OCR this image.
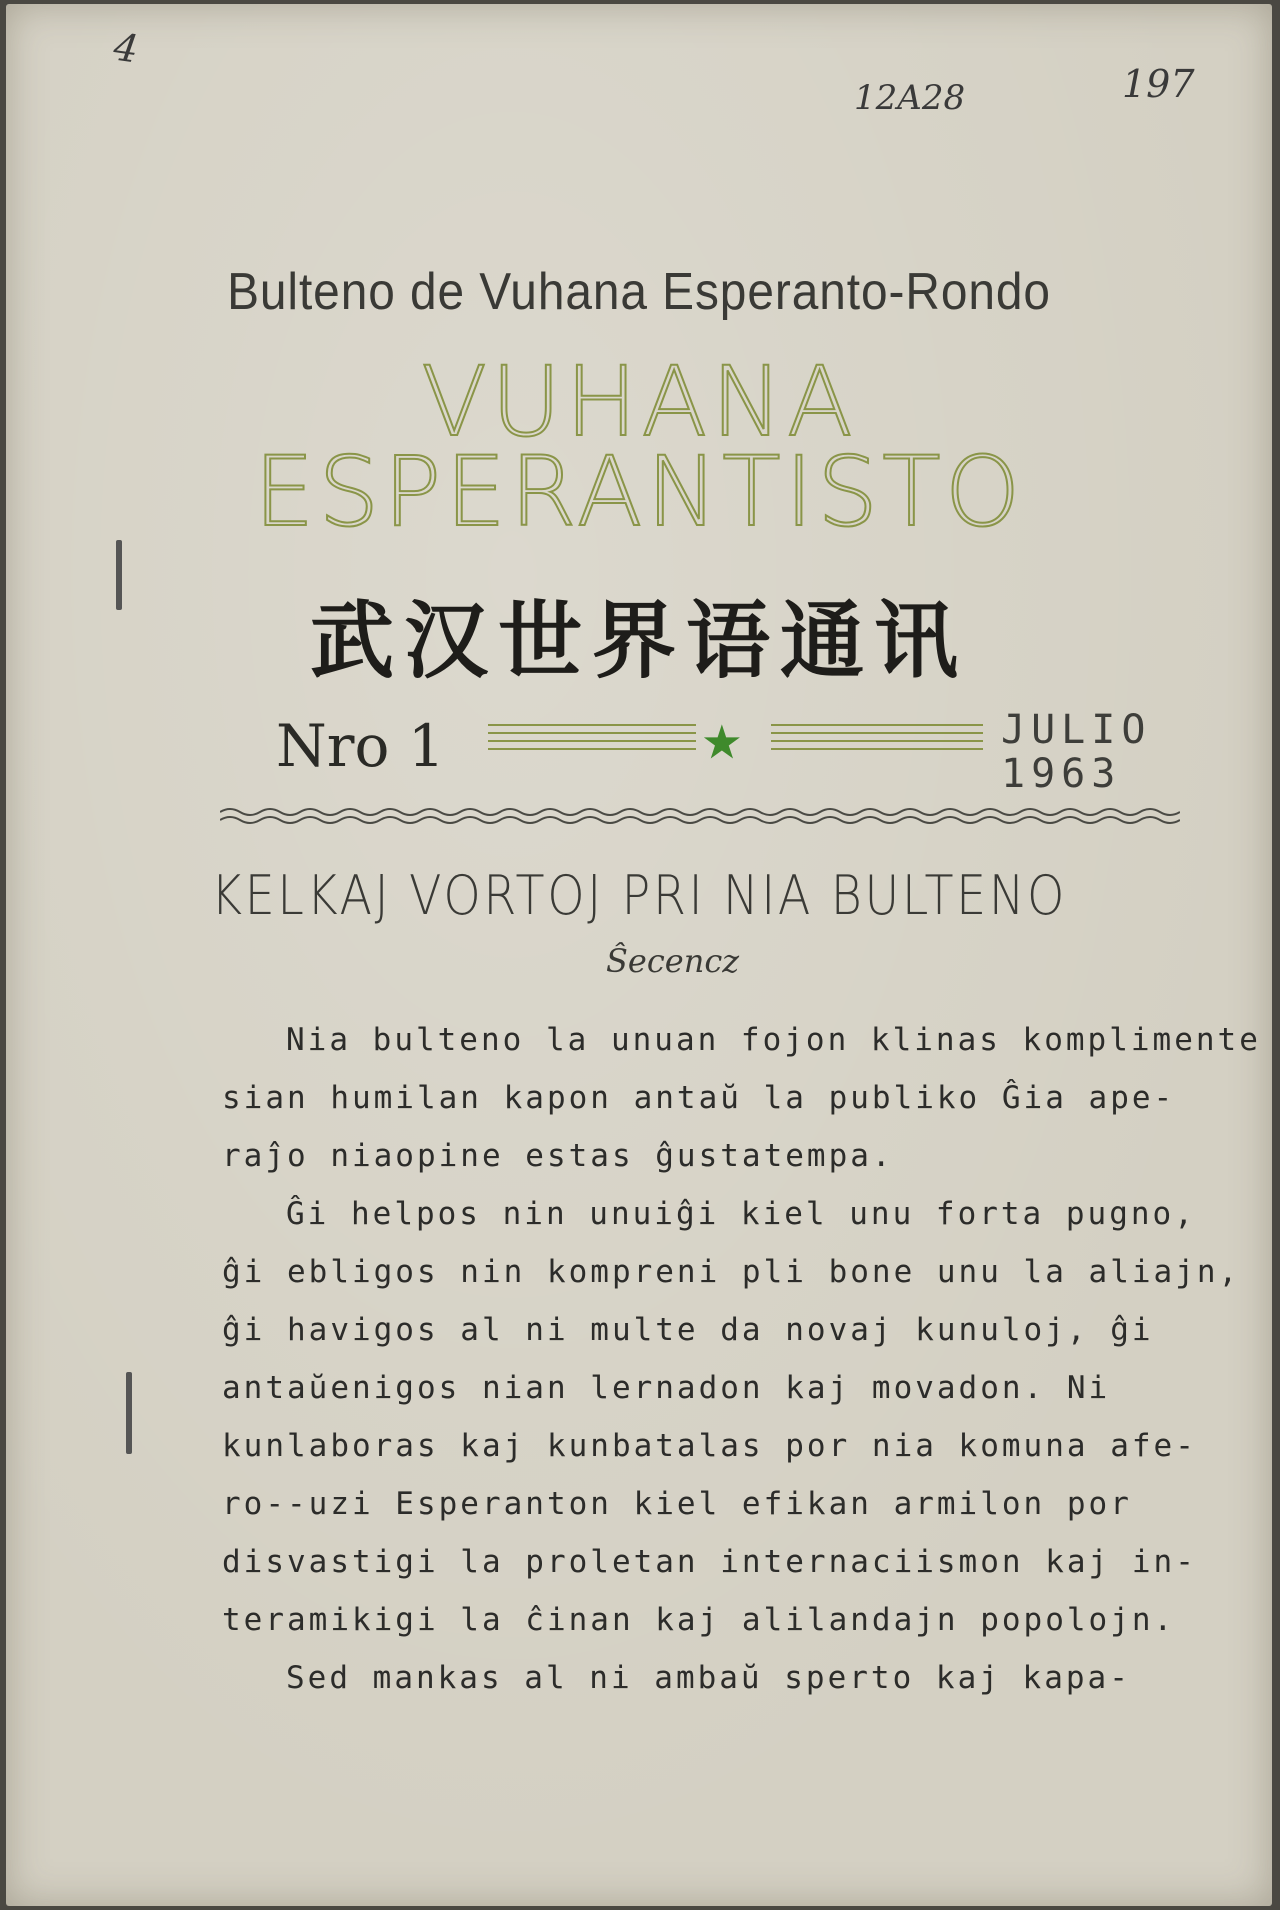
4
12A28	197
Bulteno de Vuhana Esperanto-Rondo
VUHANA
ESPERANTISTO
武汉世界语通讯
Nro 1	★	JULIO
1963
KELKAJ VORTOJ PRI NIA BULTENO
Ŝecencz

Nia bulteno la unuan fojon klinas komplimente

sian humilan kapon antaŭ la publiko Ĝia ape-

raĵo niaopine estas ĝustatempa.

Ĝi helpos nin unuiĝi kiel unu forta pugno,

ĝi ebligos nin kompreni pli bone unu la aliajn,

ĝi havigos al ni multe da novaj kunuloj, ĝi

antaŭenigos nian lernadon kaj movadon. Ni

kunlaboras kaj kunbatalas por nia komuna afe-

ro--uzi Esperanton kiel efikan armilon por

disvastigi la proletan internaciismon kaj in-

teramikigi la ĉinan kaj alilandajn popolojn.

Sed mankas al ni ambaŭ sperto kaj kapa-
